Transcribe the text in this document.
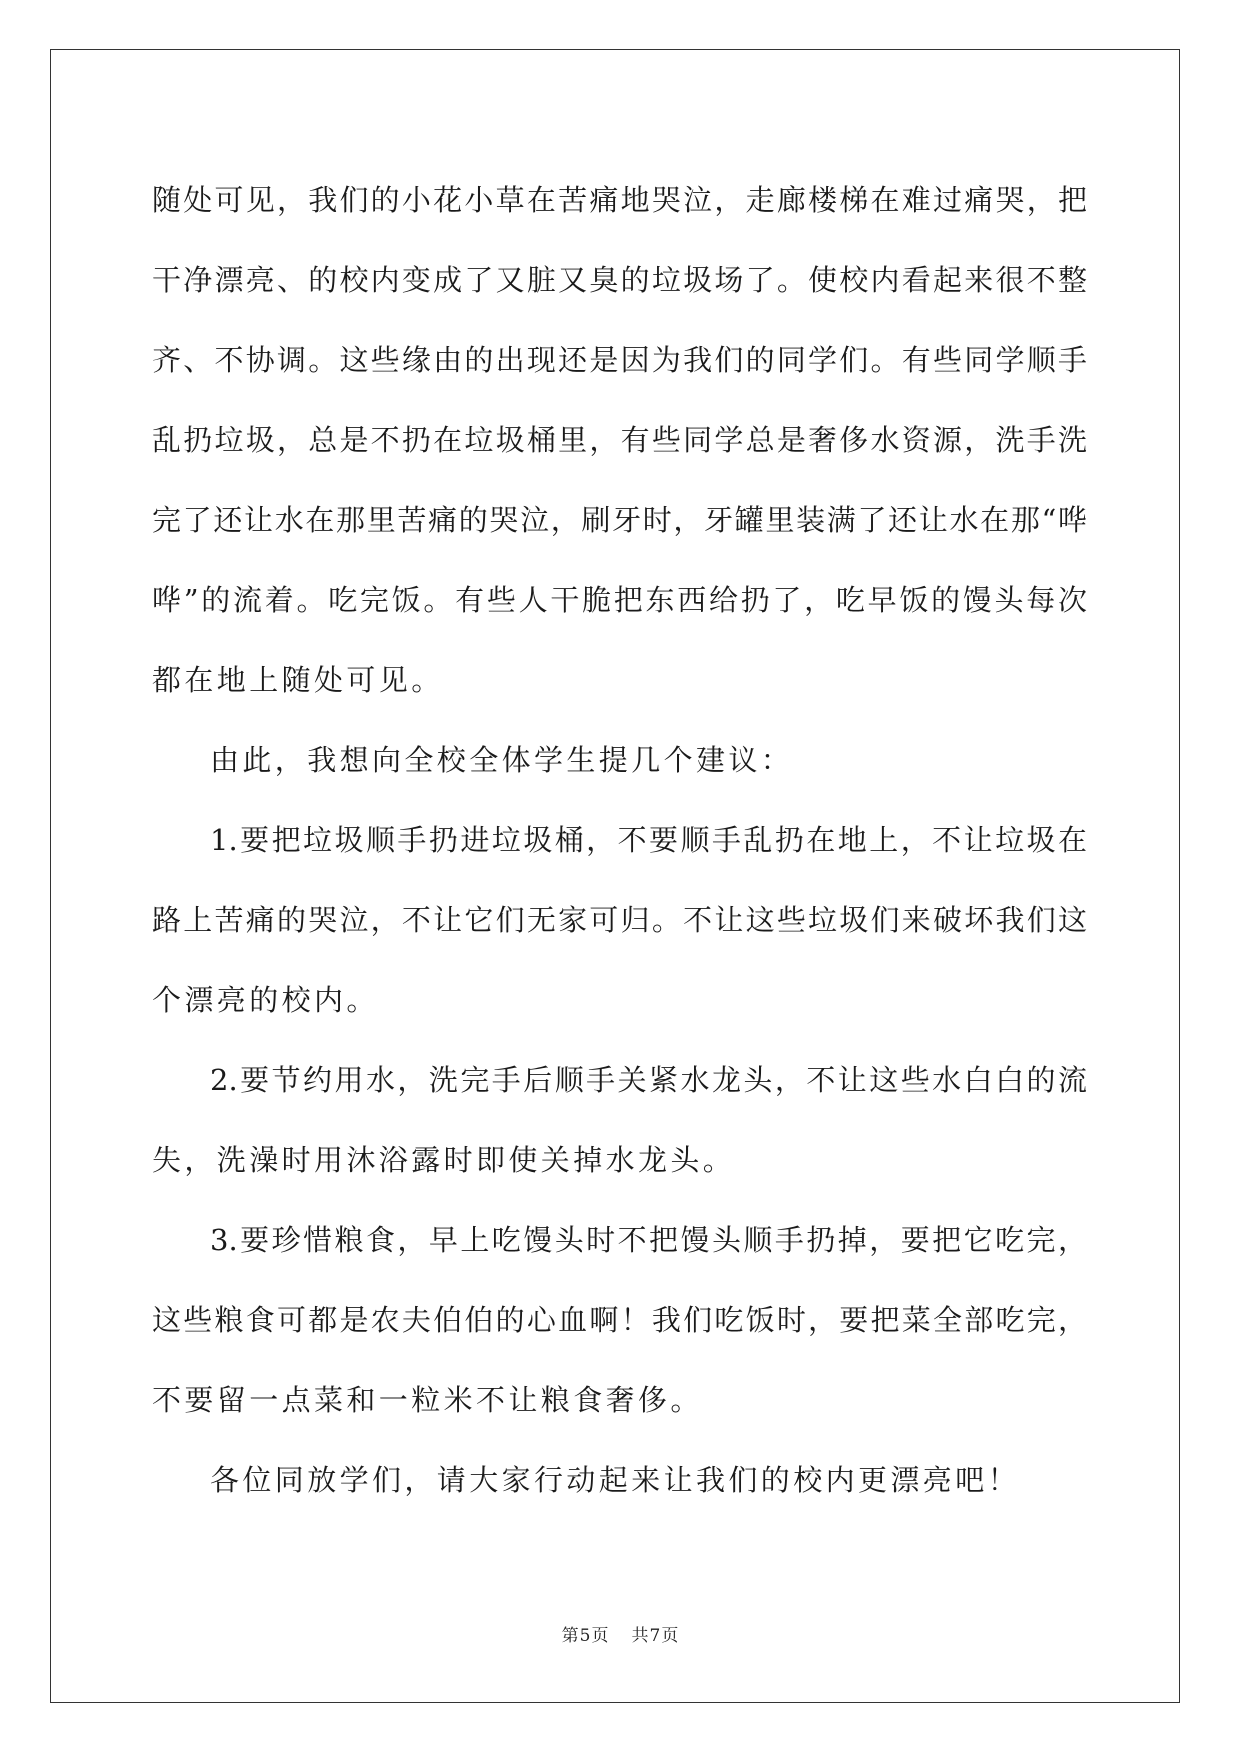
随处可见，我们的小花小草在苦痛地哭泣，走廊楼梯在难过痛哭，把
干净漂亮、的校内变成了又脏又臭的垃圾场了。使校内看起来很不整
齐、不协调。这些缘由的出现还是因为我们的同学们。有些同学顺手
乱扔垃圾，总是不扔在垃圾桶里，有些同学总是奢侈水资源，洗手洗
完了还让水在那里苦痛的哭泣，刷牙时，牙罐里装满了还让水在那“哗
哗”的流着。吃完饭。有些人干脆把东西给扔了，吃早饭的馒头每次
都在地上随处可见。
由此，我想向全校全体学生提几个建议：
1.要把垃圾顺手扔进垃圾桶，不要顺手乱扔在地上，不让垃圾在
路上苦痛的哭泣，不让它们无家可归。不让这些垃圾们来破坏我们这
个漂亮的校内。
2.要节约用水，洗完手后顺手关紧水龙头，不让这些水白白的流
失，洗澡时用沐浴露时即使关掉水龙头。
3.要珍惜粮食，早上吃馒头时不把馒头顺手扔掉，要把它吃完，
这些粮食可都是农夫伯伯的心血啊！我们吃饭时，要把菜全部吃完，
不要留一点菜和一粒米不让粮食奢侈。
各位同放学们，请大家行动起来让我们的校内更漂亮吧！
第5页 共7页
